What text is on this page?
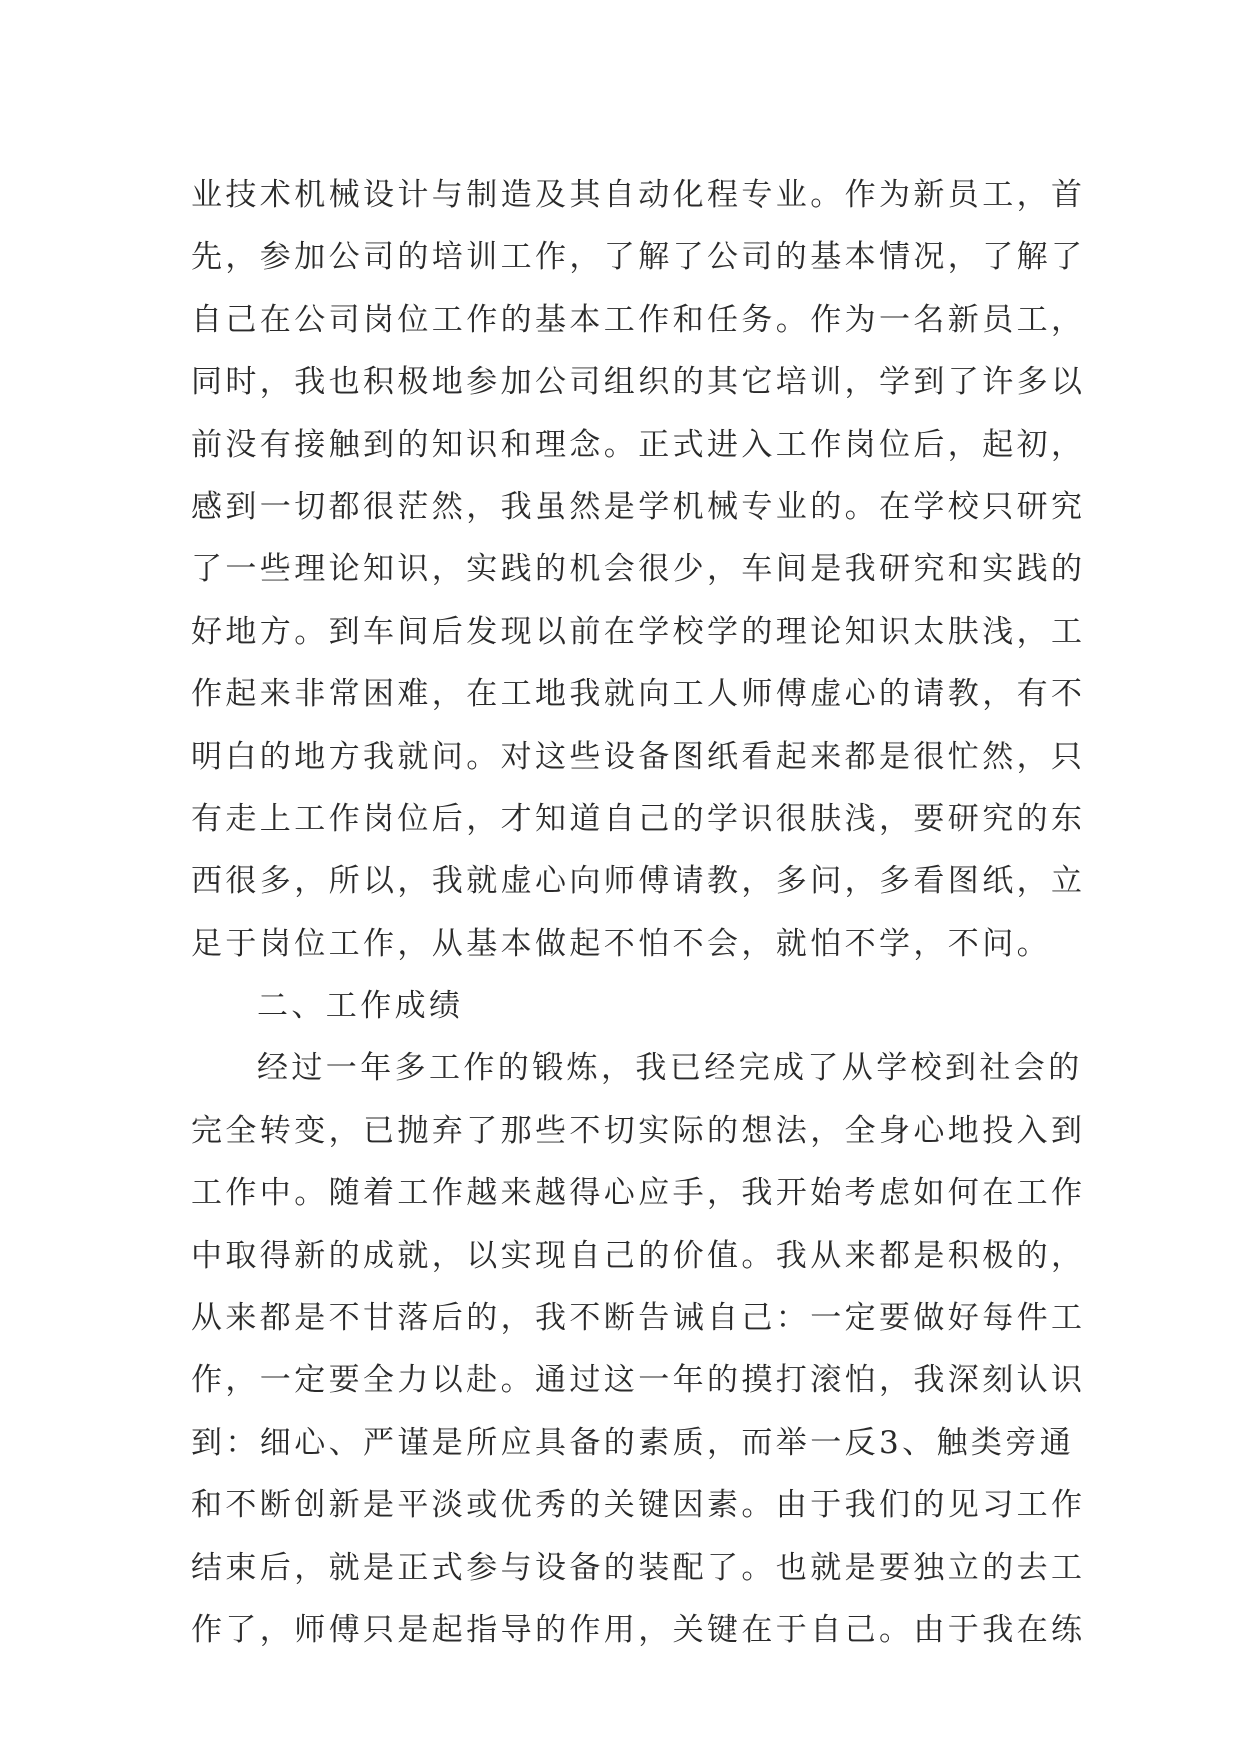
业技术机械设计与制造及其自动化程专业。作为新员工，首
先，参加公司的培训工作，了解了公司的基本情况，了解了
自己在公司岗位工作的基本工作和任务。作为一名新员工，
同时，我也积极地参加公司组织的其它培训，学到了许多以
前没有接触到的知识和理念。正式进入工作岗位后，起初，
感到一切都很茫然，我虽然是学机械专业的。在学校只研究
了一些理论知识，实践的机会很少，车间是我研究和实践的
好地方。到车间后发现以前在学校学的理论知识太肤浅，工
作起来非常困难，在工地我就向工人师傅虚心的请教，有不
明白的地方我就问。对这些设备图纸看起来都是很忙然，只
有走上工作岗位后，才知道自己的学识很肤浅，要研究的东
西很多，所以，我就虚心向师傅请教，多问，多看图纸，立
足于岗位工作，从基本做起不怕不会，就怕不学，不问。
二、工作成绩
经过一年多工作的锻炼，我已经完成了从学校到社会的
完全转变，已抛弃了那些不切实际的想法，全身心地投入到
工作中。随着工作越来越得心应手，我开始考虑如何在工作
中取得新的成就，以实现自己的价值。我从来都是积极的，
从来都是不甘落后的，我不断告诫自己：一定要做好每件工
作，一定要全力以赴。通过这一年的摸打滚怕，我深刻认识
到：细心、严谨是所应具备的素质，而举一反3、触类旁通
和不断创新是平淡或优秀的关键因素。由于我们的见习工作
结束后，就是正式参与设备的装配了。也就是要独立的去工
作了，师傅只是起指导的作用，关键在于自己。由于我在练
